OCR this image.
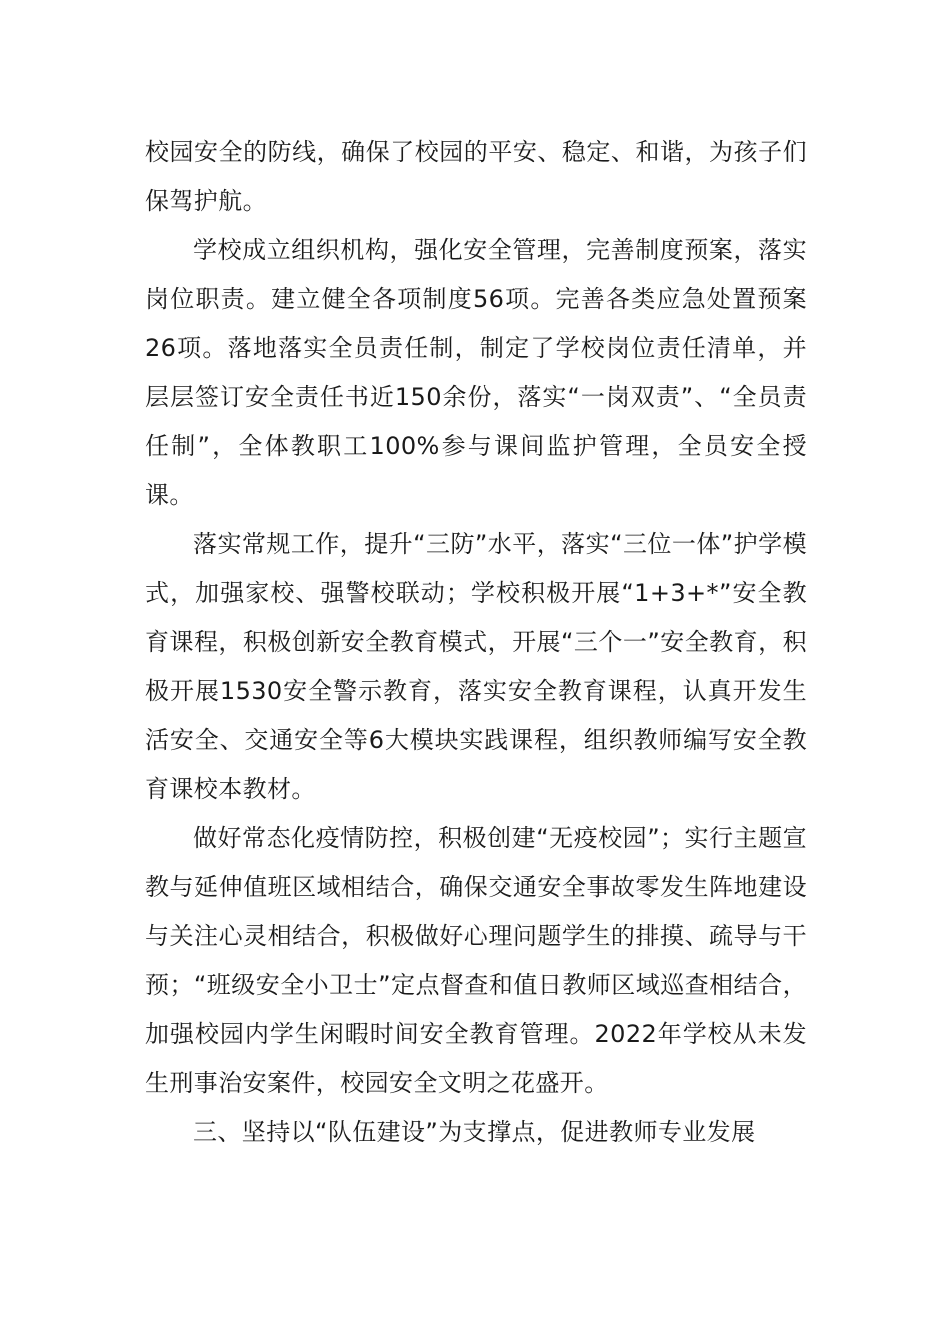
校园安全的防线，确保了校园的平安、稳定、和谐，为孩子们保驾护航。

学校成立组织机构，强化安全管理，完善制度预案，落实岗位职责。建立健全各项制度56项。完善各类应急处置预案26项。落地落实全员责任制，制定了学校岗位责任清单，并层层签订安全责任书近150余份，落实“一岗双责”、“全员责任制”，全体教职工100%参与课间监护管理，全员安全授课。

落实常规工作，提升“三防”水平，落实“三位一体”护学模式，加强家校、强警校联动；学校积极开展“1+3+*”安全教育课程，积极创新安全教育模式，开展“三个一”安全教育，积极开展1530安全警示教育，落实安全教育课程，认真开发生活安全、交通安全等6大模块实践课程，组织教师编写安全教育课校本教材。

做好常态化疫情防控，积极创建“无疫校园”；实行主题宣教与延伸值班区域相结合，确保交通安全事故零发生阵地建设与关注心灵相结合，积极做好心理问题学生的排摸、疏导与干预；“班级安全小卫士”定点督查和值日教师区域巡查相结合，加强校园内学生闲暇时间安全教育管理。2022年学校从未发生刑事治安案件，校园安全文明之花盛开。

三、坚持以“队伍建设”为支撑点，促进教师专业发展
